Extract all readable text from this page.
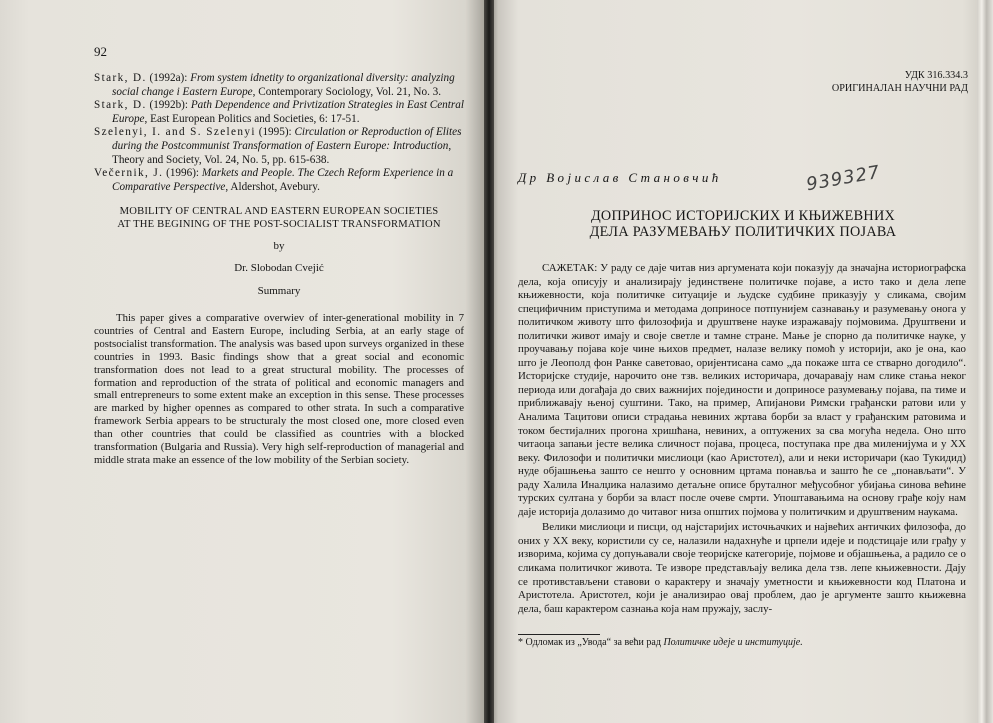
92

Stark, D. (1992a): From system idnetity to organizational diversity: analyzing social change i Eastern Europe, Contemporary Sociology, Vol. 21, No. 3.

Stark, D. (1992b): Path Dependence and Privtization Strategies in East Central Europe, East European Politics and Societies, 6: 17-51.

Szelenyi, I. and S. Szelenyi (1995): Circulation or Reproduction of Elites during the Postcommunist Transformation of Eastern Europe: Introduction, Theory and Society, Vol. 24, No. 5, pp. 615-638.

Večernik, J. (1996): Markets and People. The Czech Reform Experience in a Comparative Perspective, Aldershot, Avebury.

MOBILITY OF CENTRAL AND EASTERN EUROPEAN SOCIETIES
AT THE BEGINING OF THE POST-SOCIALIST TRANSFORMATION
by
Dr. Slobodan Cvejić
Summary
This paper gives a comparative overwiev of inter-generational mobility in 7 countries of Central and Eastern Europe, including Serbia, at an early stage of postsocialist transformation. The analysis was based upon surveys organized in these countries in 1993. Basic findings show that a great social and economic transformation does not lead to a great structural mobility. The processes of formation and reproduction of the strata of political and economic managers and small entrepreneurs to some extent make an exception in this sense. These processes are marked by higher opennes as compared to other strata. In such a comparative framework Serbia appears to be structuraly the most closed one, more closed even than other countries that could be classified as countries with a blocked transformation (Bulgaria and Russia). Very high self-reproduction of managerial and middle strata make an essence of the low mobility of the Serbian society.
УДК 316.334.3
ОРИГИНАЛАН НАУЧНИ РАД
Др Војислав Становчић	939327
ДОПРИНОС ИСТОРИЈСКИХ И КЊИЖЕВНИХ
ДЕЛА РАЗУМЕВАЊУ ПОЛИТИЧКИХ ПОЈАВА

САЖЕТАК: У раду се даје читав низ аргумената који показују да значајна историографска дела, која описују и анализирају јединствене политичке појаве, а исто тако и дела лепе књижевности, која политичке ситуације и људске судбине приказују у сликама, својим специфичним приступима и методама доприносе потпунијем сазнавању и разумевању онога у политичком животу што филозофија и друштвене науке изражавају појмовима. Друштвени и политички живот имају и своје светле и тамне стране. Мање је спорно да политичке науке, у проучавању појава које чине њихов предмет, налазе велику помоћ у историји, ако је она, као што је Леополд фон Ранке саветовао, оријентисана само „да покаже шта се стварно догодило“. Историјске студије, нарочито оне тзв. великих историчара, дочаравају нам слике стања неког периода или догађаја до свих важнијих појединости и доприносе разумевању појава, па тиме и приближавају њеној суштини. Тако, на пример, Апијанови Римски грађански ратови или у Аналима Тацитови описи страдања невиних жртава борби за власт у грађанским ратовима и током бестијалних прогона хришћана, невиних, а оптужених за сва могућа недела. Оно што читаоца запањи јесте велика сличност појава, процеса, поступака пре два миленијума и у XX веку. Филозофи и политички мислиоци (као Аристотел), али и неки историчари (као Тукидид) нуде објашњења зашто се нешто у основним цртама понавља и зашто ће се „понављати“. У раду Халила Иналџика налазимо детаљне описе бруталног међусобног убијања синова већине турских султана у борби за власт после очеве смрти. Упоштавањима на основу грађе коју нам даје историја долазимо до читавог низа општих појмова у политичким и друштвеним наукама.

Велики мислиоци и писци, од најстаријих источњачких и највећих античких филозофа, до оних у XX веку, користили су се, налазили надахнуће и црпели идеје и подстицаје или грађу у изворима, којима су допуњавали своје теоријске категорије, појмове и објашњења, а радило се о сликама политичког живота. Те изворе представљају велика дела тзв. лепе књижевности. Дају се противстављени ставови о карактеру и значају уметности и књижевности код Платона и Аристотела. Аристотел, који је анализирао овај проблем, дао је аргументе зашто књижевна дела, баш карактером сазнања која нам пружају, заслу-

* Одломак из „Увода“ за већи рад Политичке идеје и институције.
